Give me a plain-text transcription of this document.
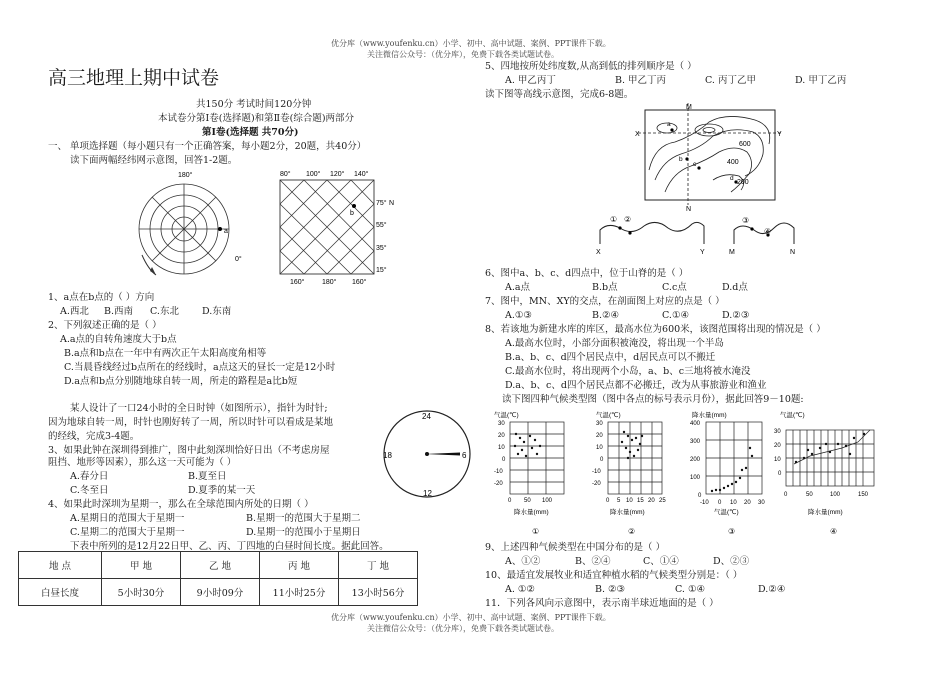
优分库（www.youfenku.cn）小学、初中、高中试题、案例、PPT课件下载。
关注微信公众号：（优分库），免费下载各类试题试卷。
高三地理上期中试卷
共150分 考试时间120分钟
本试卷分第Ⅰ卷(选择题)和第Ⅱ卷(综合题)两部分
第Ⅰ卷(选择题 共70分)
一、 单项选择题（每小题只有一个正确答案，每小题2分，20题，共40分）
读下面两幅经纬网示意图，回答1-2题。
180°
a
0°
80° 100° 120° 140°
b
75° N
55°
35°
15°
160°	180° 160°
1、a点在b点的（ ）方向
A.西北 B.西南 C.东北 D.东南
2、下列叙述正确的是（ ）
A.a点的自转角速度大于b点
B.a点和b点在一年中有两次正午太阳高度角相等
C.当晨昏线经过b点所在的经线时，a点这天的昼长一定是12小时
D.a点和b点分别随地球自转一周，所走的路程是a比b短
某人设计了一口24小时的全日时钟（如图所示），指针为时针;
因为地球自转一周，时针也刚好转了一周，所以时针可以看成是某地
的经线，完成3-4题。
24
6
18
12
3、如果此钟在深圳得到推广，图中此刻深圳恰好日出（不考虑房屋
阻挡、地形等因素），那么这一天可能为（ ）
A.春分日	B.夏至日
C.冬至日	D.夏季的某一天
4、如果此时深圳为星期一，那么在全球范围内所处的日期（ ）
A.星期日的范围大于星期一	B.星期一的范围大于星期二
C.星期二的范围大于星期一	D.星期一的范围小于星期日
下表中所列的是12月22日甲、乙、丙、丁四地的白昼时间长度。据此回答。
地 点	甲 地	乙 地	丙 地	丁 地
白昼长度	5小时30分	9小时09分	11小时25分	13小时56分
5、四地按所处纬度数,从高到低的排列顺序是（ ）
A. 甲乙丙丁	B. 甲乙丁丙	C. 丙丁乙甲	D. 甲丁乙丙
读下图等高线示意图，完成6-8题。
M
N
X	Y
a
b
c
d
600
400
200
① ②	③
④
X	Y	M	N
6、图中a、b、c、d四点中，位于山脊的是（ ）
A.a点	B.b点	C.c点	D.d点
7、图中，MN、XY的交点，在剖面图上对应的点是（ ）
A.①③	B.②④	C.①④	D.②③
8、若该地为新建水库的库区，最高水位为600米，该图范围将出现的情况是（ ）
A.最高水位时，小部分面积被淹没，将出现一个半岛
B.a、b、c、d四个居民点中，d居民点可以不搬迁
C.最高水位时，将出现两个小岛，a、b、c三地将被水淹没
D.a、b、c、d四个居民点都不必搬迁，改为从事旅游业和渔业
读下图四种气候类型图（图中各点的标号表示月份），据此回答9－10题:
气温(℃)
30
20
10
0
-10
-20
0 50 100
降水量(mm)
①
气温(℃)
30
20
10
0
-10
-20
0 5 10 15 20 25
降水量(mm)
②
降水量(mm)
400
300
200
100
0
-10 0 10 20 30
气温(℃)
③
气温(℃)
30
20
10
0
0	50	100	150
降水量(mm)
④
9、上述四种气候类型在中国分布的是（ ）
A、①②	B、②④	C、①④	D、②③
10、最适宜发展牧业和适宜种植水稻的气候类型分别是：（ ）
A. ①②	B. ②③	C. ①④	D.②④
11．下列各风向示意图中，表示南半球近地面的是（ ）
优分库（www.youfenku.cn）小学、初中、高中试题、案例、PPT课件下载。
关注微信公众号：（优分库），免费下载各类试题试卷。
